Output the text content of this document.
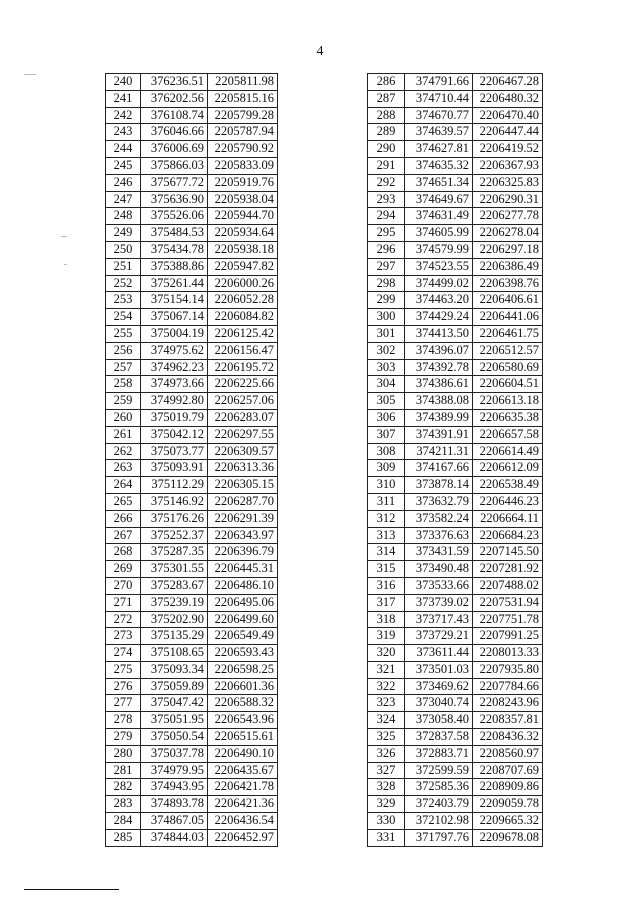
4
240	376236.51	2205811.98
241	376202.56	2205815.16
242	376108.74	2205799.28
243	376046.66	2205787.94
244	376006.69	2205790.92
245	375866.03	2205833.09
246	375677.72	2205919.76
247	375636.90	2205938.04
248	375526.06	2205944.70
249	375484.53	2205934.64
250	375434.78	2205938.18
251	375388.86	2205947.82
252	375261.44	2206000.26
253	375154.14	2206052.28
254	375067.14	2206084.82
255	375004.19	2206125.42
256	374975.62	2206156.47
257	374962.23	2206195.72
258	374973.66	2206225.66
259	374992.80	2206257.06
260	375019.79	2206283.07
261	375042.12	2206297.55
262	375073.77	2206309.57
263	375093.91	2206313.36
264	375112.29	2206305.15
265	375146.92	2206287.70
266	375176.26	2206291.39
267	375252.37	2206343.97
268	375287.35	2206396.79
269	375301.55	2206445.31
270	375283.67	2206486.10
271	375239.19	2206495.06
272	375202.90	2206499.60
273	375135.29	2206549.49
274	375108.65	2206593.43
275	375093.34	2206598.25
276	375059.89	2206601.36
277	375047.42	2206588.32
278	375051.95	2206543.96
279	375050.54	2206515.61
280	375037.78	2206490.10
281	374979.95	2206435.67
282	374943.95	2206421.78
283	374893.78	2206421.36
284	374867.05	2206436.54
285	374844.03	2206452.97
286	374791.66	2206467.28
287	374710.44	2206480.32
288	374670.77	2206470.40
289	374639.57	2206447.44
290	374627.81	2206419.52
291	374635.32	2206367.93
292	374651.34	2206325.83
293	374649.67	2206290.31
294	374631.49	2206277.78
295	374605.99	2206278.04
296	374579.99	2206297.18
297	374523.55	2206386.49
298	374499.02	2206398.76
299	374463.20	2206406.61
300	374429.24	2206441.06
301	374413.50	2206461.75
302	374396.07	2206512.57
303	374392.78	2206580.69
304	374386.61	2206604.51
305	374388.08	2206613.18
306	374389.99	2206635.38
307	374391.91	2206657.58
308	374211.31	2206614.49
309	374167.66	2206612.09
310	373878.14	2206538.49
311	373632.79	2206446.23
312	373582.24	2206664.11
313	373376.63	2206684.23
314	373431.59	2207145.50
315	373490.48	2207281.92
316	373533.66	2207488.02
317	373739.02	2207531.94
318	373717.43	2207751.78
319	373729.21	2207991.25
320	373611.44	2208013.33
321	373501.03	2207935.80
322	373469.62	2207784.66
323	373040.74	2208243.96
324	373058.40	2208357.81
325	372837.58	2208436.32
326	372883.71	2208560.97
327	372599.59	2208707.69
328	372585.36	2208909.86
329	372403.79	2209059.78
330	372102.98	2209665.32
331	371797.76	2209678.08
